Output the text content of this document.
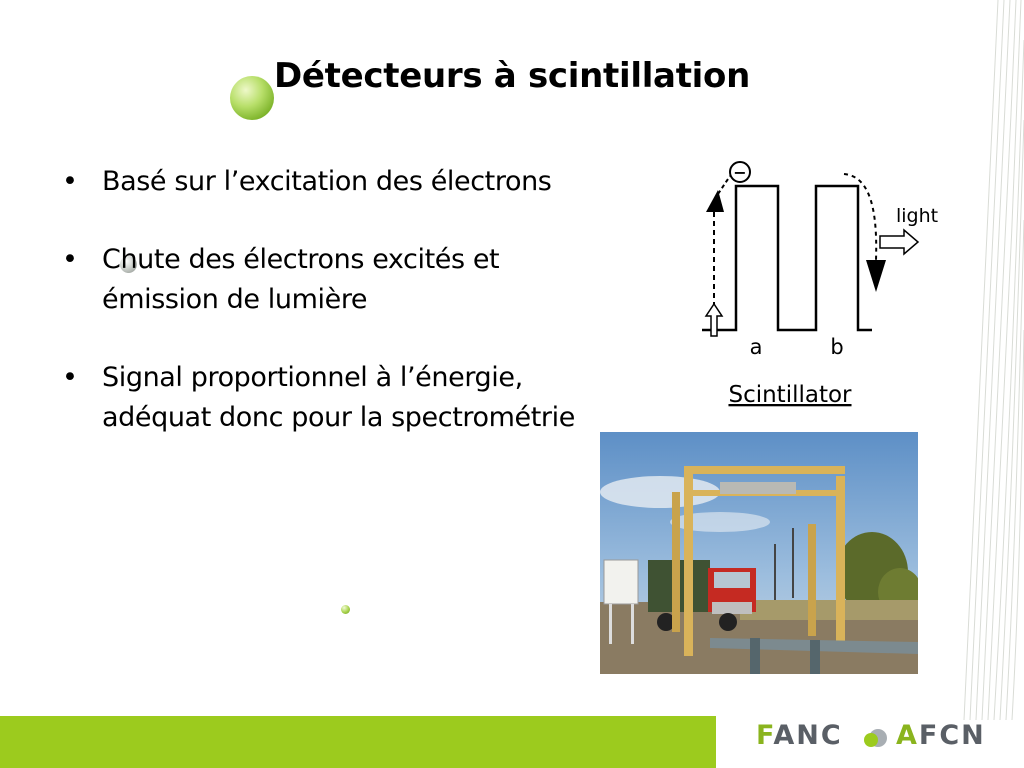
Détecteurs à scintillation
• Basé sur l’excitation des électrons
• Chute des électrons excités et émission de lumière
• Signal proportionnel à l’énergie, adéquat donc pour la spectrométrie
−
light
a	b
Scintillator
FANC AFCN
